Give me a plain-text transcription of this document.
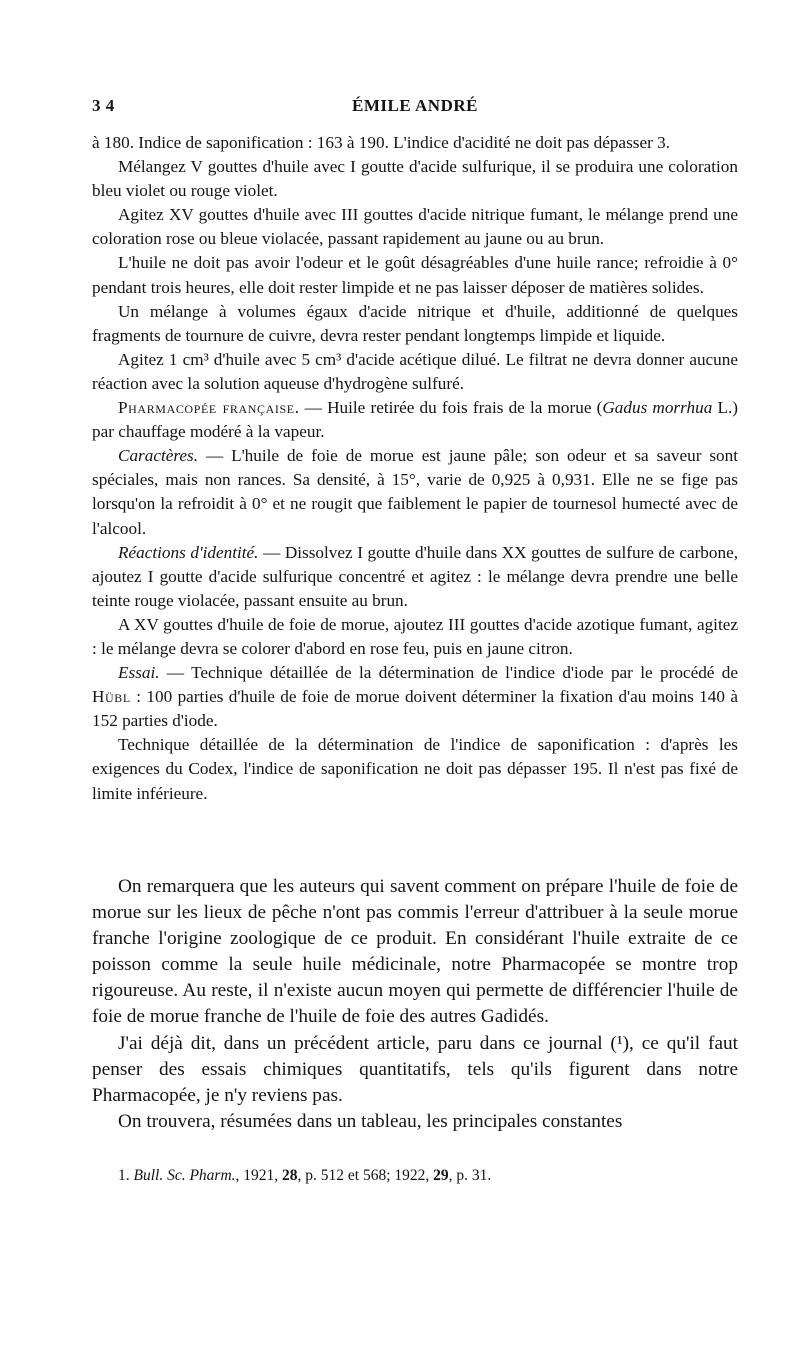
3 4	ÉMILE ANDRÉ

à 180. Indice de saponification : 163 à 190. L'indice d'acidité ne doit pas dépasser 3.

Mélangez V gouttes d'huile avec I goutte d'acide sulfurique, il se produira une coloration bleu violet ou rouge violet.

Agitez XV gouttes d'huile avec III gouttes d'acide nitrique fumant, le mélange prend une coloration rose ou bleue violacée, passant rapidement au jaune ou au brun.

L'huile ne doit pas avoir l'odeur et le goût désagréables d'une huile rance; refroidie à 0° pendant trois heures, elle doit rester limpide et ne pas laisser déposer de matières solides.

Un mélange à volumes égaux d'acide nitrique et d'huile, additionné de quelques fragments de tournure de cuivre, devra rester pendant longtemps limpide et liquide.

Agitez 1 cm³ d'huile avec 5 cm³ d'acide acétique dilué. Le filtrat ne devra donner aucune réaction avec la solution aqueuse d'hydrogène sulfuré.

Pharmacopée française. — Huile retirée du fois frais de la morue (Gadus morrhua L.) par chauffage modéré à la vapeur.

Caractères. — L'huile de foie de morue est jaune pâle; son odeur et sa saveur sont spéciales, mais non rances. Sa densité, à 15°, varie de 0,925 à 0,931. Elle ne se fige pas lorsqu'on la refroidit à 0° et ne rougit que faiblement le papier de tournesol humecté avec de l'alcool.

Réactions d'identité. — Dissolvez I goutte d'huile dans XX gouttes de sulfure de carbone, ajoutez I goutte d'acide sulfurique concentré et agitez : le mélange devra prendre une belle teinte rouge violacée, passant ensuite au brun.

A XV gouttes d'huile de foie de morue, ajoutez III gouttes d'acide azotique fumant, agitez : le mélange devra se colorer d'abord en rose feu, puis en jaune citron.

Essai. — Technique détaillée de la détermination de l'indice d'iode par le procédé de Hübl : 100 parties d'huile de foie de morue doivent déterminer la fixation d'au moins 140 à 152 parties d'iode.

Technique détaillée de la détermination de l'indice de saponification : d'après les exigences du Codex, l'indice de saponification ne doit pas dépasser 195. Il n'est pas fixé de limite inférieure.

On remarquera que les auteurs qui savent comment on prépare l'huile de foie de morue sur les lieux de pêche n'ont pas commis l'erreur d'attribuer à la seule morue franche l'origine zoologique de ce produit. En considérant l'huile extraite de ce poisson comme la seule huile médicinale, notre Pharmacopée se montre trop rigoureuse. Au reste, il n'existe aucun moyen qui permette de différencier l'huile de foie de morue franche de l'huile de foie des autres Gadidés.

J'ai déjà dit, dans un précédent article, paru dans ce journal (¹), ce qu'il faut penser des essais chimiques quantitatifs, tels qu'ils figurent dans notre Pharmacopée, je n'y reviens pas.

On trouvera, résumées dans un tableau, les principales constantes

1. Bull. Sc. Pharm., 1921, 28, p. 512 et 568; 1922, 29, p. 31.
